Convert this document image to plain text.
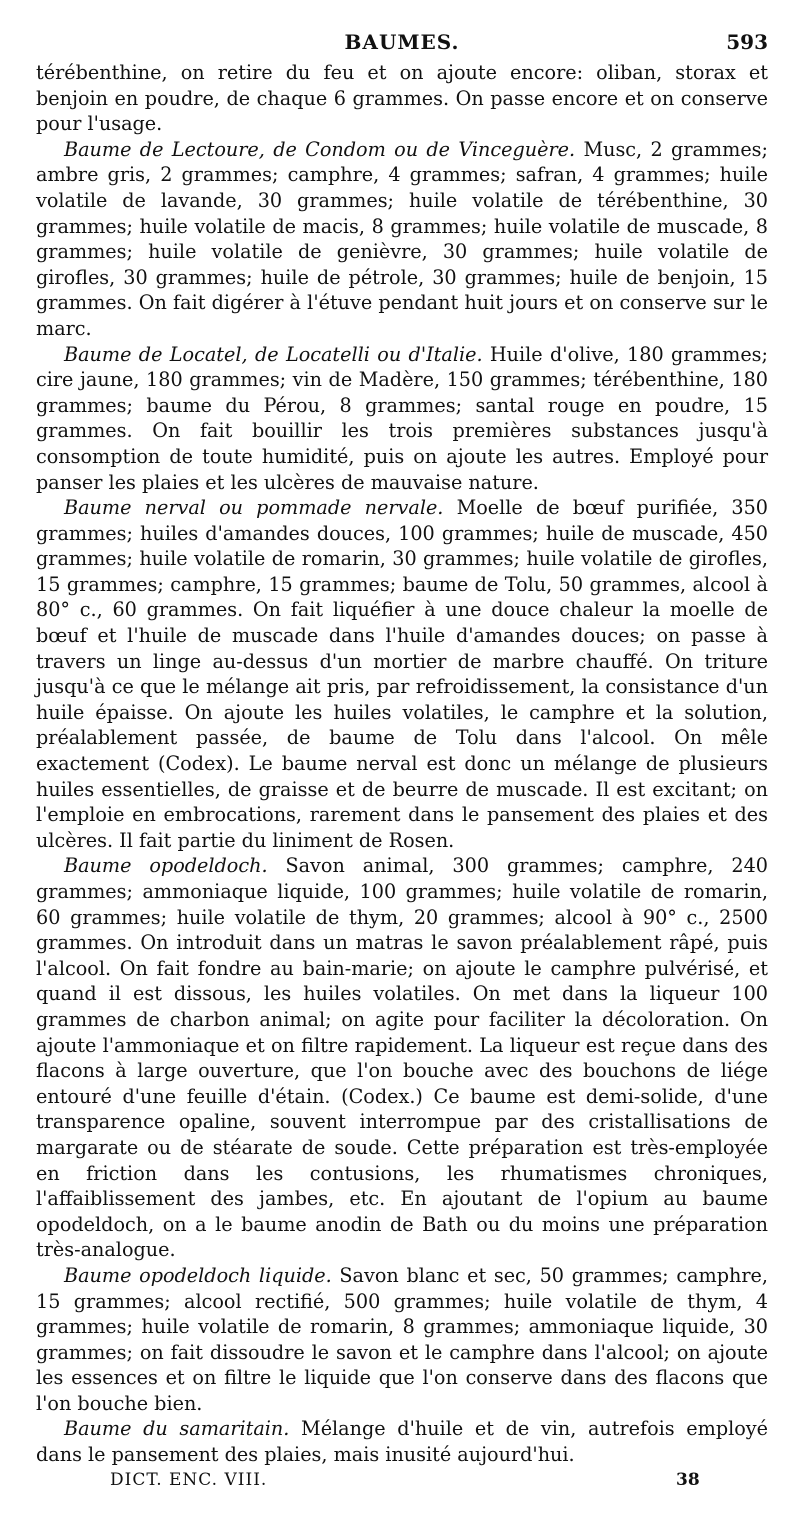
BAUMES.	593

térébenthine, on retire du feu et on ajoute encore: oliban, storax et benjoin en poudre, de chaque 6 grammes. On passe encore et on conserve pour l'usage.

Baume de Lectoure, de Condom ou de Vinceguère. Musc, 2 grammes; ambre gris, 2 grammes; camphre, 4 grammes; safran, 4 grammes; huile volatile de lavande, 30 grammes; huile volatile de térébenthine, 30 grammes; huile volatile de macis, 8 grammes; huile volatile de muscade, 8 grammes; huile volatile de genièvre, 30 grammes; huile volatile de girofles, 30 grammes; huile de pétrole, 30 grammes; huile de benjoin, 15 grammes. On fait digérer à l'étuve pendant huit jours et on conserve sur le marc.

Baume de Locatel, de Locatelli ou d'Italie. Huile d'olive, 180 grammes; cire jaune, 180 grammes; vin de Madère, 150 grammes; térébenthine, 180 grammes; baume du Pérou, 8 grammes; santal rouge en poudre, 15 grammes. On fait bouillir les trois premières substances jusqu'à consomption de toute humidité, puis on ajoute les autres. Employé pour panser les plaies et les ulcères de mauvaise nature.

Baume nerval ou pommade nervale. Moelle de bœuf purifiée, 350 grammes; huiles d'amandes douces, 100 grammes; huile de muscade, 450 grammes; huile volatile de romarin, 30 grammes; huile volatile de girofles, 15 grammes; camphre, 15 grammes; baume de Tolu, 50 grammes, alcool à 80° c., 60 grammes. On fait liquéfier à une douce chaleur la moelle de bœuf et l'huile de muscade dans l'huile d'amandes douces; on passe à travers un linge au-dessus d'un mortier de marbre chauffé. On triture jusqu'à ce que le mélange ait pris, par refroidissement, la consistance d'un huile épaisse. On ajoute les huiles volatiles, le camphre et la solution, préalablement passée, de baume de Tolu dans l'alcool. On mêle exactement (Codex). Le baume nerval est donc un mélange de plusieurs huiles essentielles, de graisse et de beurre de muscade. Il est excitant; on l'emploie en embrocations, rarement dans le pansement des plaies et des ulcères. Il fait partie du liniment de Rosen.

Baume opodeldoch. Savon animal, 300 grammes; camphre, 240 grammes; ammoniaque liquide, 100 grammes; huile volatile de romarin, 60 grammes; huile volatile de thym, 20 grammes; alcool à 90° c., 2500 grammes. On introduit dans un matras le savon préalablement râpé, puis l'alcool. On fait fondre au bain-marie; on ajoute le camphre pulvérisé, et quand il est dissous, les huiles volatiles. On met dans la liqueur 100 grammes de charbon animal; on agite pour faciliter la décoloration. On ajoute l'ammoniaque et on filtre rapidement. La liqueur est reçue dans des flacons à large ouverture, que l'on bouche avec des bouchons de liége entouré d'une feuille d'étain. (Codex.) Ce baume est demi-solide, d'une transparence opaline, souvent interrompue par des cristallisations de margarate ou de stéarate de soude. Cette préparation est très-employée en friction dans les contusions, les rhumatismes chroniques, l'affaiblissement des jambes, etc. En ajoutant de l'opium au baume opodeldoch, on a le baume anodin de Bath ou du moins une préparation très-analogue.

Baume opodeldoch liquide. Savon blanc et sec, 50 grammes; camphre, 15 grammes; alcool rectifié, 500 grammes; huile volatile de thym, 4 grammes; huile volatile de romarin, 8 grammes; ammoniaque liquide, 30 grammes; on fait dissoudre le savon et le camphre dans l'alcool; on ajoute les essences et on filtre le liquide que l'on conserve dans des flacons que l'on bouche bien.

Baume du samaritain. Mélange d'huile et de vin, autrefois employé dans le pansement des plaies, mais inusité aujourd'hui.

DICT. ENC. VIII.	38
